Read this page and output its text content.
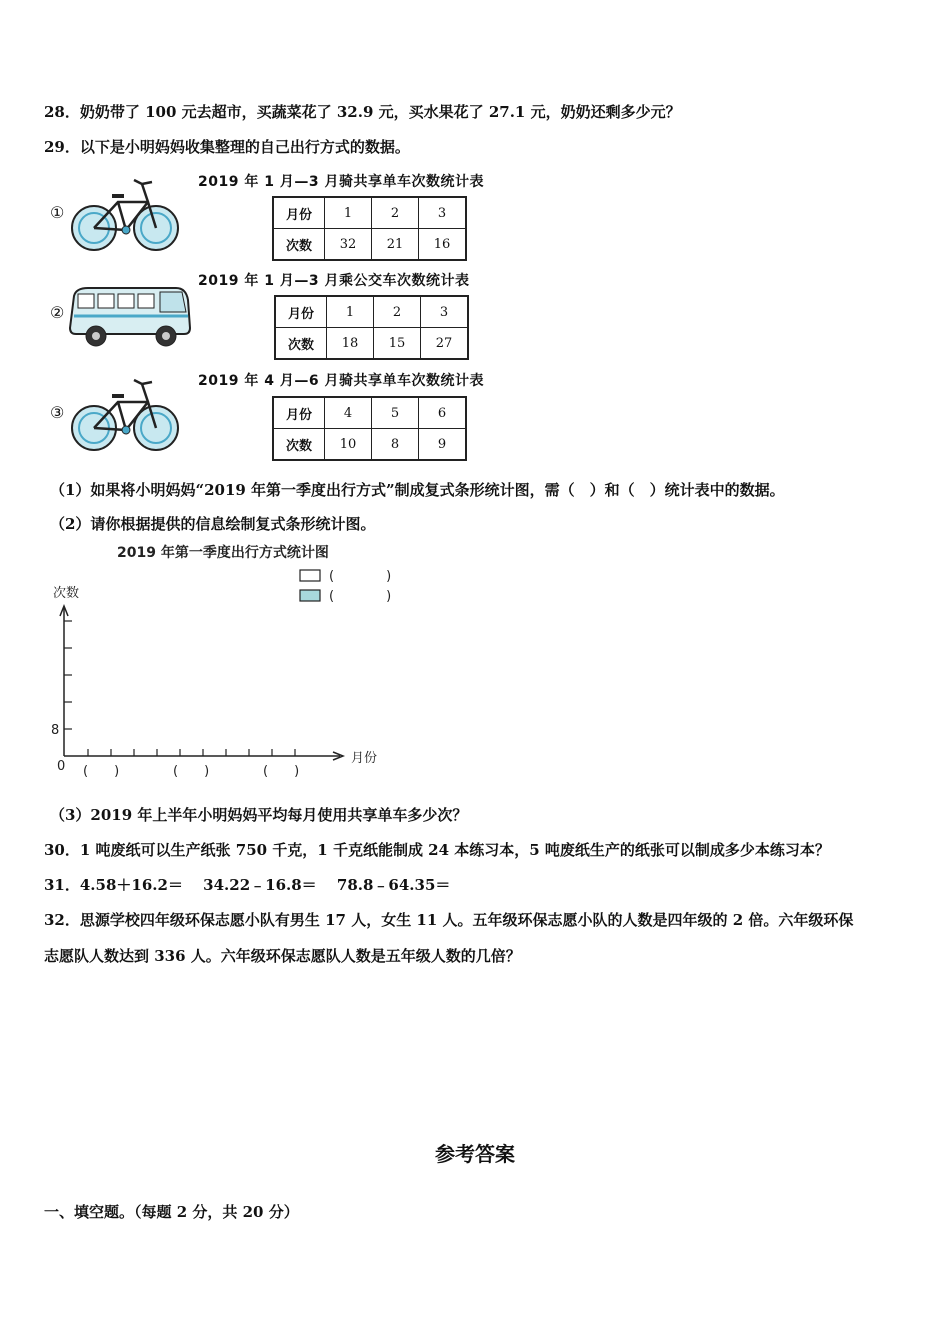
28．奶奶带了 100 元去超市，买蔬菜花了 32.9 元，买水果花了 27.1 元，奶奶还剩多少元？
29．以下是小明妈妈收集整理的自己出行方式的数据。
①
2019 年 1 月—3 月骑共享单车次数统计表
月份	1	2	3
次数	32	21	16
②
2019 年 1 月—3 月乘公交车次数统计表
月份	1	2	3
次数	18	15	27
③
2019 年 4 月—6 月骑共享单车次数统计表
月份	4	5	6
次数	10	8	9
（1）如果将小明妈妈“2019 年第一季度出行方式”制成复式条形统计图，需（　）和（　）统计表中的数据。
（2）请你根据提供的信息绘制复式条形统计图。
2019 年第一季度出行方式统计图
(　　　　)
(　　　　)
次数
8
0
月份
(　　)	(　　)	(　　)
（3）2019 年上半年小明妈妈平均每月使用共享单车多少次？
30．1 吨废纸可以生产纸张 750 千克，1 千克纸能制成 24 本练习本，5 吨废纸生产的纸张可以制成多少本练习本？
31．4.58＋16.2＝　 34.22﹣16.8＝　 78.8﹣64.35＝
32．思源学校四年级环保志愿小队有男生 17 人，女生 11 人。五年级环保志愿小队的人数是四年级的 2 倍。六年级环保
志愿队人数达到 336 人。六年级环保志愿队人数是五年级人数的几倍？
参考答案
一、填空题。（每题 2 分，共 20 分）
